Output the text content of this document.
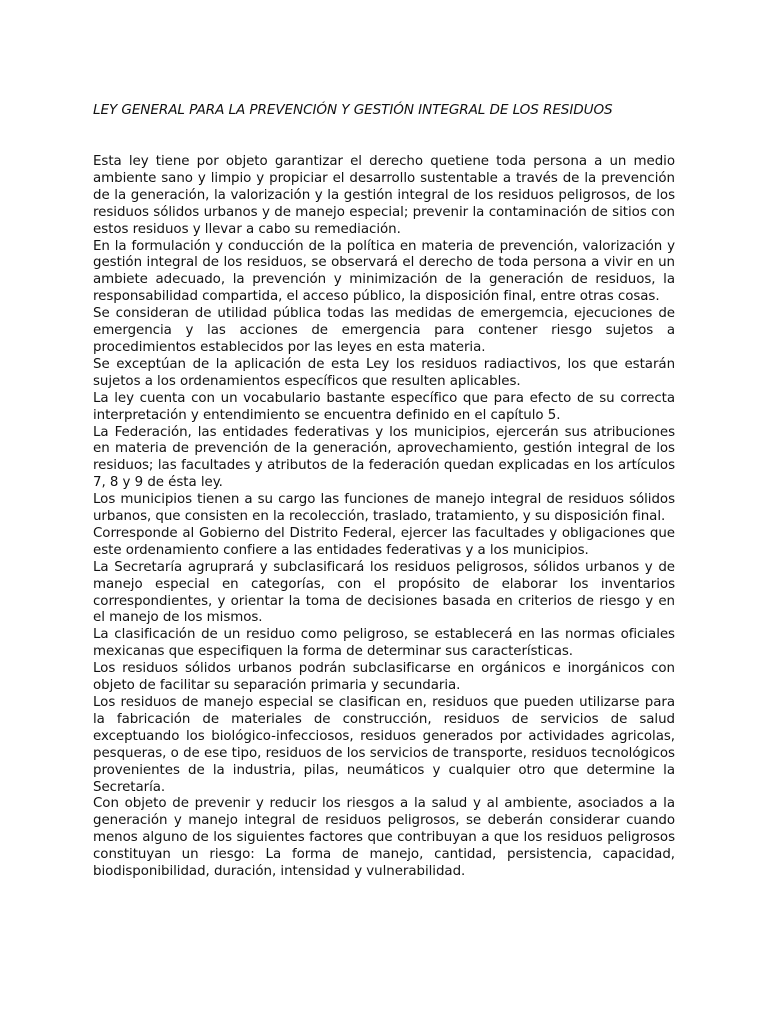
LEY GENERAL PARA LA PREVENCIÓN Y GESTIÓN INTEGRAL DE LOS RESIDUOS

Esta ley tiene por objeto garantizar el derecho quetiene toda persona a un medio ambiente sano y limpio y propiciar el desarrollo sustentable a través de la prevención de la generación, la valorización y la gestión integral de los residuos peligrosos, de los residuos sólidos urbanos y de manejo especial; prevenir la contaminación de sitios con estos residuos y llevar a cabo su remediación.

En la formulación y conducción de la política en materia de prevención, valorización y gestión integral de los residuos, se observará el derecho de toda persona a vivir en un ambiete adecuado, la prevención y minimización de la generación de residuos, la responsabilidad compartida, el acceso público, la disposición final, entre otras cosas.

Se consideran de utilidad pública todas las medidas de emergemcia, ejecuciones de emergencia y las acciones de emergencia para contener riesgo sujetos a procedimientos establecidos por las leyes en esta materia.

Se exceptúan de la aplicación de esta Ley los residuos radiactivos, los que estarán sujetos a los ordenamientos específicos que resulten aplicables.

La ley cuenta con un vocabulario bastante específico que para efecto de su correcta interpretación y entendimiento se encuentra definido en el capítulo 5.

La Federación, las entidades federativas y los municipios, ejercerán sus atribuciones en materia de prevención de la generación, aprovechamiento, gestión integral de los residuos; las facultades y atributos de la federación quedan explicadas en los artículos 7, 8 y 9 de ésta ley.

Los municipios tienen a su cargo las funciones de manejo integral de residuos sólidos urbanos, que consisten en la recolección, traslado, tratamiento, y su disposición final.

Corresponde al Gobierno del Distrito Federal, ejercer las facultades y obligaciones que este ordenamiento confiere a las entidades federativas y a los municipios.

La Secretaría agruprará y subclasificará los residuos peligrosos, sólidos urbanos y de manejo especial en categorías, con el propósito de elaborar los inventarios correspondientes, y orientar la toma de decisiones basada en criterios de riesgo y en el manejo de los mismos.

La clasificación de un residuo como peligroso, se establecerá en las normas oficiales mexicanas que especifiquen la forma de determinar sus características.

Los residuos sólidos urbanos podrán subclasificarse en orgánicos e inorgánicos con objeto de facilitar su separación primaria y secundaria.

Los residuos de manejo especial se clasifican en, residuos que pueden utilizarse para la fabricación de materiales de construcción, residuos de servicios de salud exceptuando los biológico-infecciosos, residuos generados por actividades agricolas, pesqueras, o de ese tipo, residuos de los servicios de transporte, residuos tecnológicos provenientes de la industria, pilas, neumáticos y cualquier otro que determine la Secretaría.

Con objeto de prevenir y reducir los riesgos a la salud y al ambiente, asociados a la generación y manejo integral de residuos peligrosos, se deberán considerar cuando menos alguno de los siguientes factores que contribuyan a que los residuos peligrosos constituyan un riesgo: La forma de manejo, cantidad, persistencia, capacidad, biodisponibilidad, duración, intensidad y vulnerabilidad.
